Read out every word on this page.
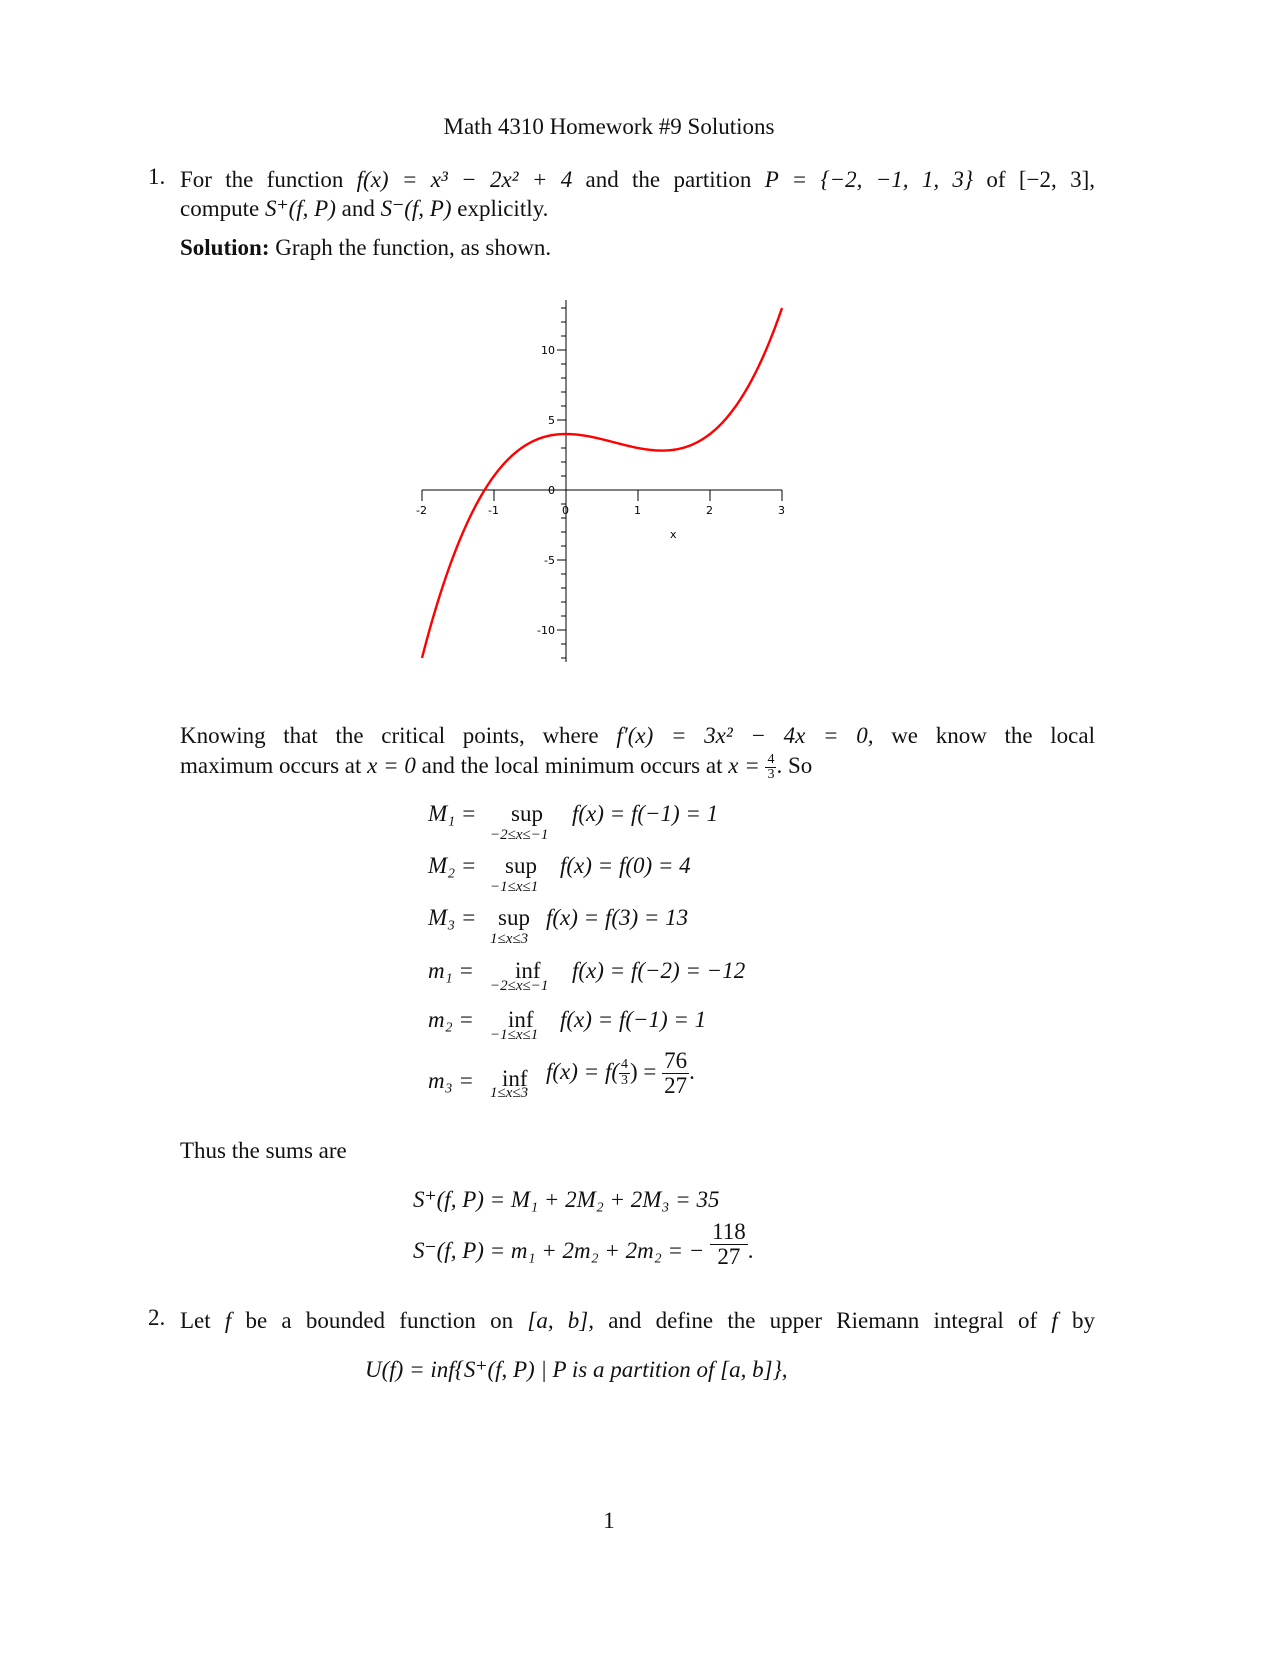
Math 4310 Homework #9 Solutions
1. For the function f(x) = x³ − 2x² + 4 and the partition P = {−2, −1, 1, 3} of [−2, 3],
compute S⁺(f, P) and S⁻(f, P) explicitly.
Solution: Graph the function, as shown.
-2	-1	0	1	2	3
x
10
5
0
-5
-10
Knowing that the critical points, where f′(x) = 3x² − 4x = 0, we know the local
maximum occurs at x = 0 and the local minimum occurs at $x = \frac{4}{3}$ . So
M₁ = sup
−2≤x≤−1
f(x) = f(−1) = 1
M₂ = sup
−1≤x≤1
f(x) = f(0) = 4
M₃ = sup
1≤x≤3
f(x) = f(3) = 13
m₁ = inf
−2≤x≤−1
f(x) = f(−2) = −12
m₂ = inf
−1≤x≤1
f(x) = f(−1) = 1
m₃ = inf
1≤x≤3
$f(x) = f( \frac{4}{3}$ ) = $\frac{76}{27}$ .
Thus the sums are
S⁺(f, P) = M₁ + 2M₂ + 2M₃ = 35
S⁻(f, P) = m₁ + 2m₂ + 2m₂ = − $\frac{118}{27}$ .
2. Let f be a bounded function on [a, b], and define the upper Riemann integral of f by
U(f) = inf{S⁺(f, P) | P is a partition of [a, b]},
1
